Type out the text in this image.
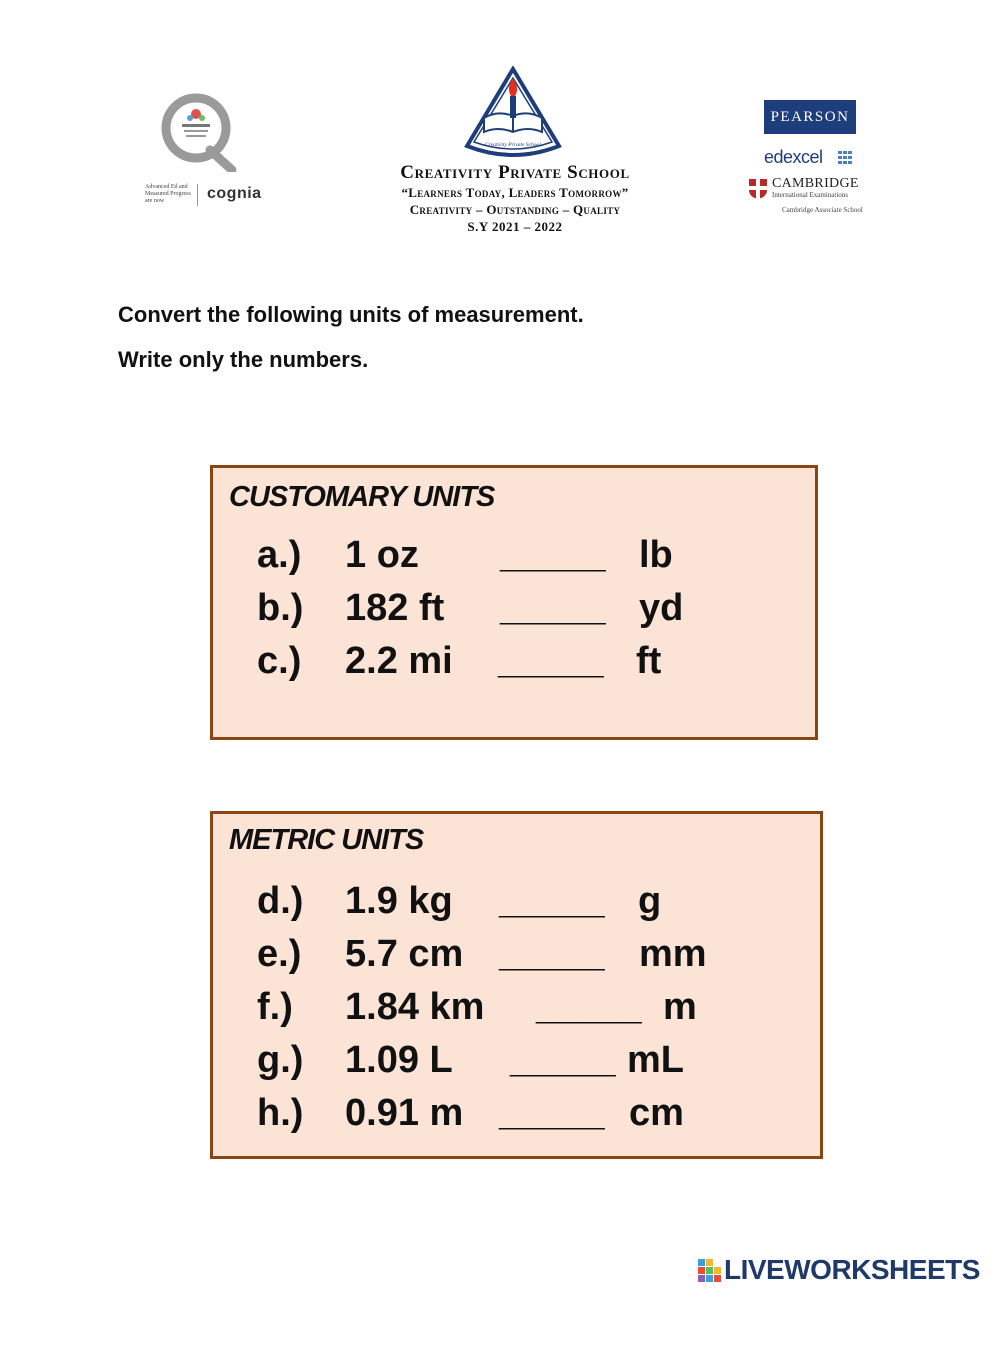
Advanced Ed and Measured Progress are now	cognia
Creativity Private School
Creativity Private School
“Learners Today, Leaders Tomorrow”
Creativity – Outstanding – Quality
S.Y 2021 – 2022
PEARSON
edexcel
CAMBRIDGE
International Examinations
Cambridge Associate School
Convert the following units of measurement.
Write only the numbers.
CUSTOMARY UNITS

a.)

1 oz

_____

lb

b.)

182 ft

_____

yd

c.)

2.2 mi

_____

ft

METRIC UNITS

d.)

1.9 kg

_____

g

e.)

5.7 cm

_____

mm

f.)

1.84 km

_____

m

g.)

1.09 L

_____

mL

h.)

0.91 m

_____

cm

LIVEWORKSHEETS
